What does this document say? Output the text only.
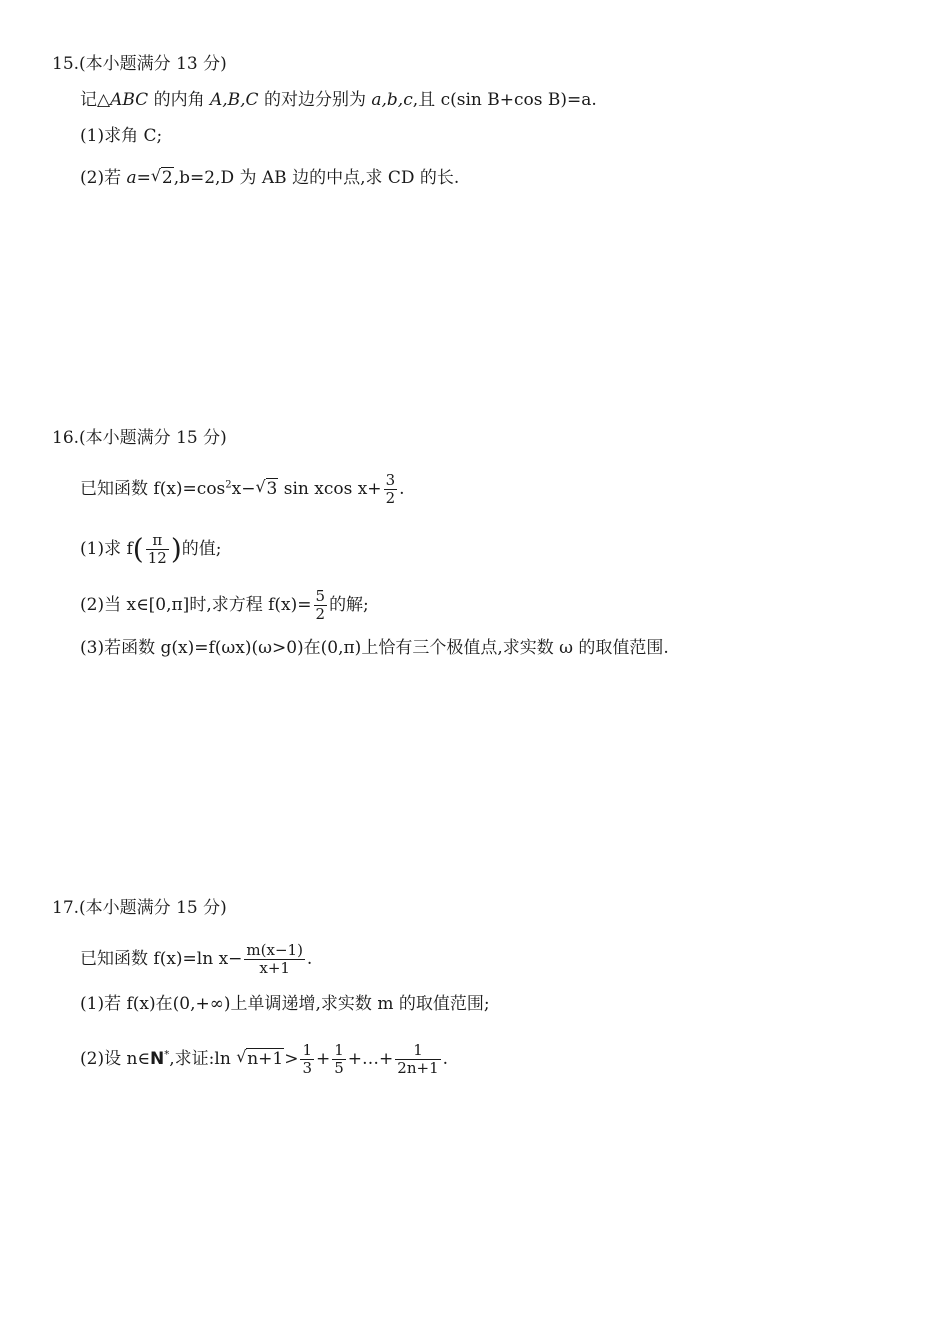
15.(本小题满分 13 分)
记△ABC 的内角 A,B,C 的对边分别为 a,b,c,且 c(sin B+cos B)=a.
(1)求角 C;
(2)若 a= √ 2,b=2,D 为 AB 边的中点,求 CD 的长.
16.(本小题满分 15 分)
已知函数 $f(x)=\cos^2x-$ √ 3 sin xcos $x+ \frac{3}{2}$ .
(1)求 $f( \frac{\pi}{12}$ )的值;
(2)当 x∈[0,π]时,求方程 $f(x)= \frac{5}{2}$ 的解;
(3)若函数 g(x)=f(ωx)(ω>0)在(0,π)上恰有三个极值点,求实数 ω 的取值范围.
17.(本小题满分 15 分)
已知函数 f(x)=ln $x- \frac{m(x-1)}{x+1}$ .
(1)若 f(x)在(0,+∞)上单调递增,求实数 m 的取值范围;
(2)设 n∈N*,求证:ln √ $n+1> \frac{1}{3} + \frac{1}{5}$ +…+ $\frac{1}{2n+1}$ .
